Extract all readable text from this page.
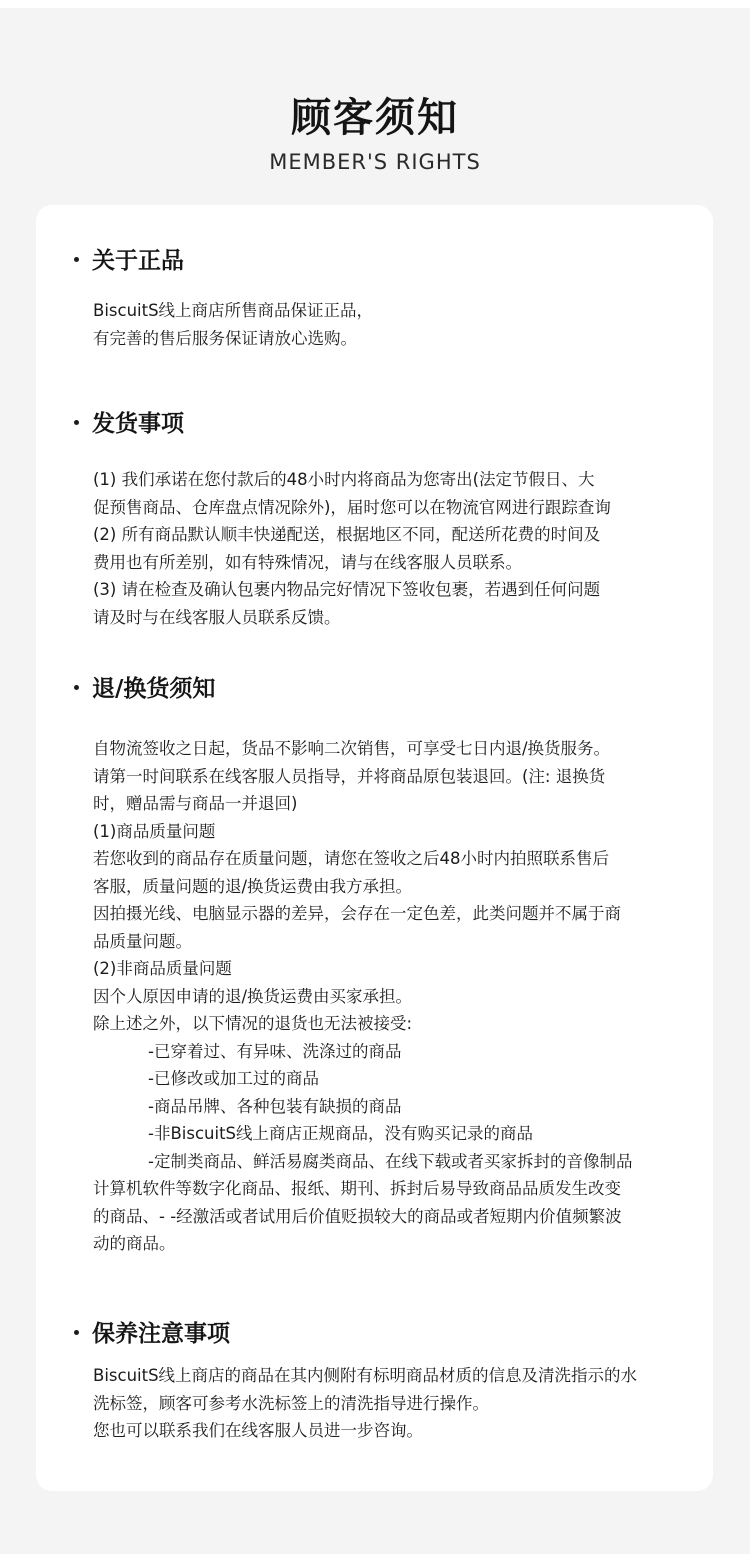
顾客须知
MEMBER'S RIGHTS
关于正品
BiscuitS线上商店所售商品保证正品，
有完善的售后服务保证请放心选购。
发货事项
(1) 我们承诺在您付款后的48小时内将商品为您寄出(法定节假日、大
促预售商品、仓库盘点情况除外)，届时您可以在物流官网进行跟踪查询
(2) 所有商品默认顺丰快递配送，根据地区不同，配送所花费的时间及
费用也有所差别，如有特殊情况，请与在线客服人员联系。
(3) 请在检查及确认包裹内物品完好情况下签收包裹，若遇到任何问题
请及时与在线客服人员联系反馈。
退/换货须知
自物流签收之日起，货品不影响二次销售，可享受七日内退/换货服务。
请第一时间联系在线客服人员指导，并将商品原包装退回。(注: 退换货
时，赠品需与商品一并退回)
(1)商品质量问题
若您收到的商品存在质量问题，请您在签收之后48小时内拍照联系售后
客服，质量问题的退/换货运费由我方承担。
因拍摄光线、电脑显示器的差异，会存在一定色差，此类问题并不属于商
品质量问题。
(2)非商品质量问题
因个人原因申请的退/换货运费由买家承担。
除上述之外，以下情况的退货也无法被接受:
-已穿着过、有异味、洗涤过的商品
-已修改或加工过的商品
-商品吊牌、各种包装有缺损的商品
-非BiscuitS线上商店正规商品，没有购买记录的商品
-定制类商品、鲜活易腐类商品、在线下载或者买家拆封的音像制品
计算机软件等数字化商品、报纸、期刊、拆封后易导致商品品质发生改变
的商品、- -经激活或者试用后价值贬损较大的商品或者短期内价值频繁波
动的商品。
保养注意事项
BiscuitS线上商店的商品在其内侧附有标明商品材质的信息及清洗指示的水
洗标签，顾客可参考水洗标签上的清洗指导进行操作。
您也可以联系我们在线客服人员进一步咨询。
